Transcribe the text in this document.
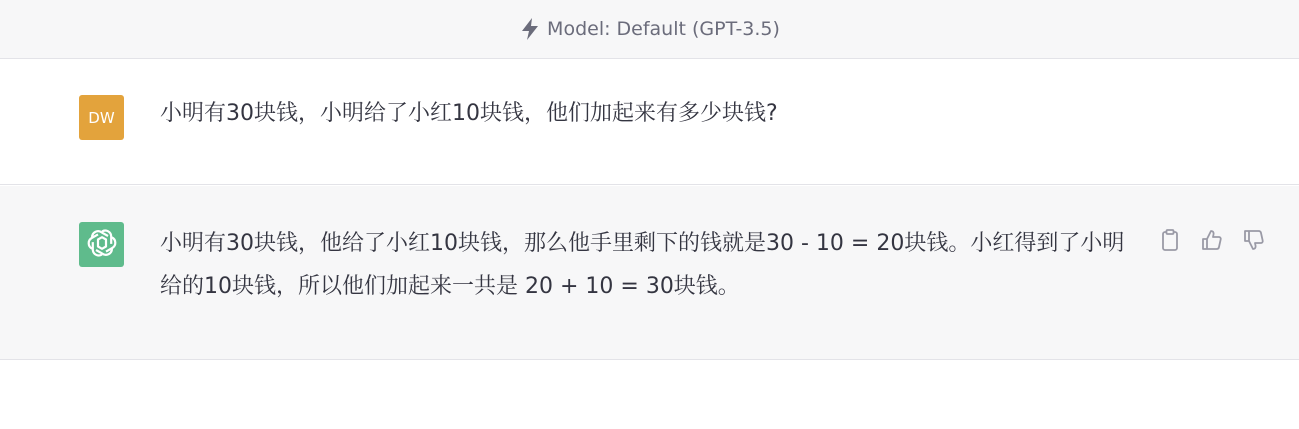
Model: Default (GPT-3.5)
DW 小明有30块钱，小明给了小红10块钱，他们加起来有多少块钱?
小明有30块钱，他给了小红10块钱，那么他手里剩下的钱就是30 - 10 = 20块钱。小红得到了小明给的10块钱，所以他们加起来一共是 20 + 10 = 30块钱。
